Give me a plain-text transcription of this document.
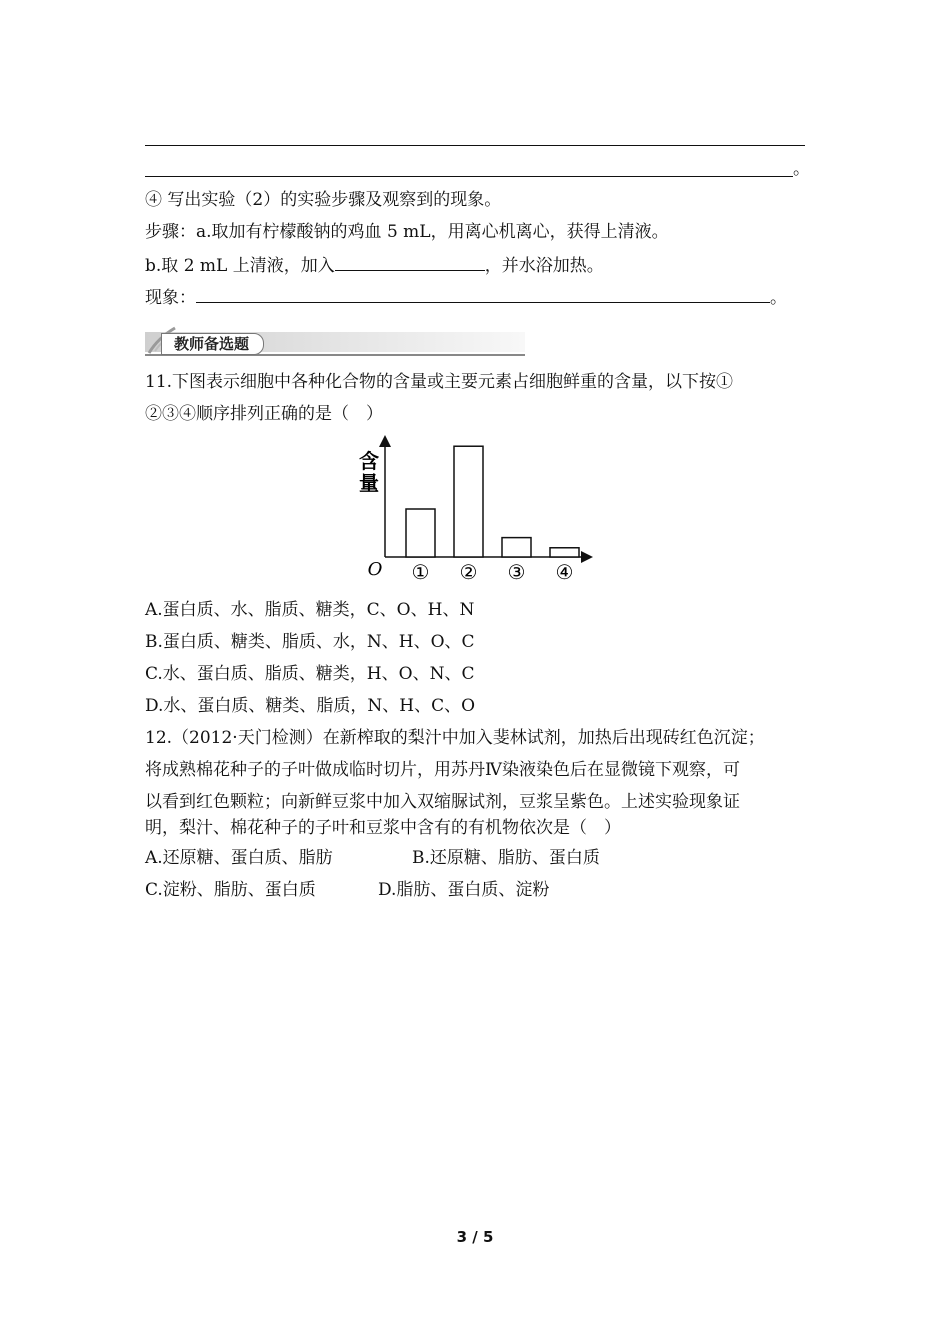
。
④ 写出实验（2）的实验步骤及观察到的现象。
步骤：a.取加有柠檬酸钠的鸡血 5 mL，用离心机离心，获得上清液。
b.取 2 mL 上清液，加入	，并水浴加热。
现象：	。
教师备选题
11.下图表示细胞中各种化合物的含量或主要元素占细胞鲜重的含量，以下按①
②③④顺序排列正确的是（　）
含
量
O ① ② ③ ④
A.蛋白质、水、脂质、糖类，C、O、H、N
B.蛋白质、糖类、脂质、水，N、H、O、C
C.水、蛋白质、脂质、糖类，H、O、N、C
D.水、蛋白质、糖类、脂质，N、H、C、O
12.（2012·天门检测）在新榨取的梨汁中加入斐林试剂，加热后出现砖红色沉淀；
将成熟棉花种子的子叶做成临时切片，用苏丹Ⅳ染液染色后在显微镜下观察，可
以看到红色颗粒；向新鲜豆浆中加入双缩脲试剂，豆浆呈紫色。上述实验现象证
明，梨汁、棉花种子的子叶和豆浆中含有的有机物依次是（　）
A.还原糖、蛋白质、脂肪	B.还原糖、脂肪、蛋白质
C.淀粉、脂肪、蛋白质	D.脂肪、蛋白质、淀粉
3 / 5
